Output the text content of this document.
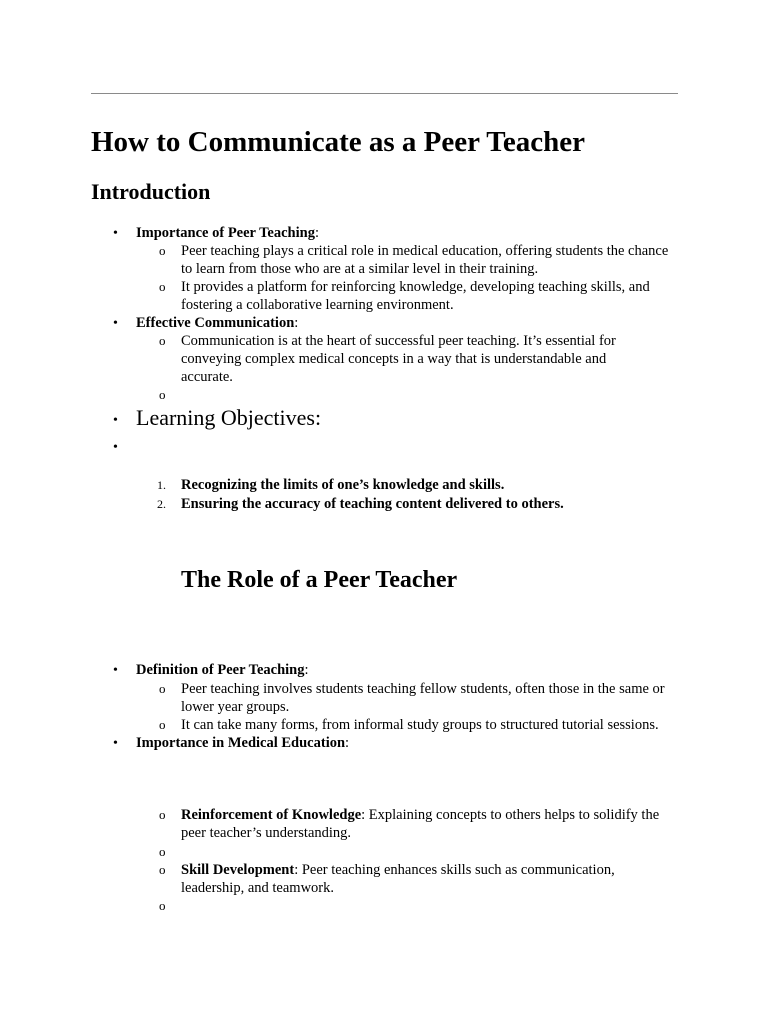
How to Communicate as a Peer Teacher
Introduction
• Importance of Peer Teaching:
o Peer teaching plays a critical role in medical education, offering students the chance to learn from those who are at a similar level in their training.
o It provides a platform for reinforcing knowledge, developing teaching skills, and fostering a collaborative learning environment.
• Effective Communication:
o Communication is at the heart of successful peer teaching. It’s essential for conveying complex medical concepts in a way that is understandable and accurate.
o
• Learning Objectives:
•
1. Recognizing the limits of one’s knowledge and skills.
2. Ensuring the accuracy of teaching content delivered to others.
The Role of a Peer Teacher
• Definition of Peer Teaching:
o Peer teaching involves students teaching fellow students, often those in the same or lower year groups.
o It can take many forms, from informal study groups to structured tutorial sessions.
• Importance in Medical Education:
o Reinforcement of Knowledge: Explaining concepts to others helps to solidify the peer teacher’s understanding.
o
o Skill Development: Peer teaching enhances skills such as communication, leadership, and teamwork.
o
